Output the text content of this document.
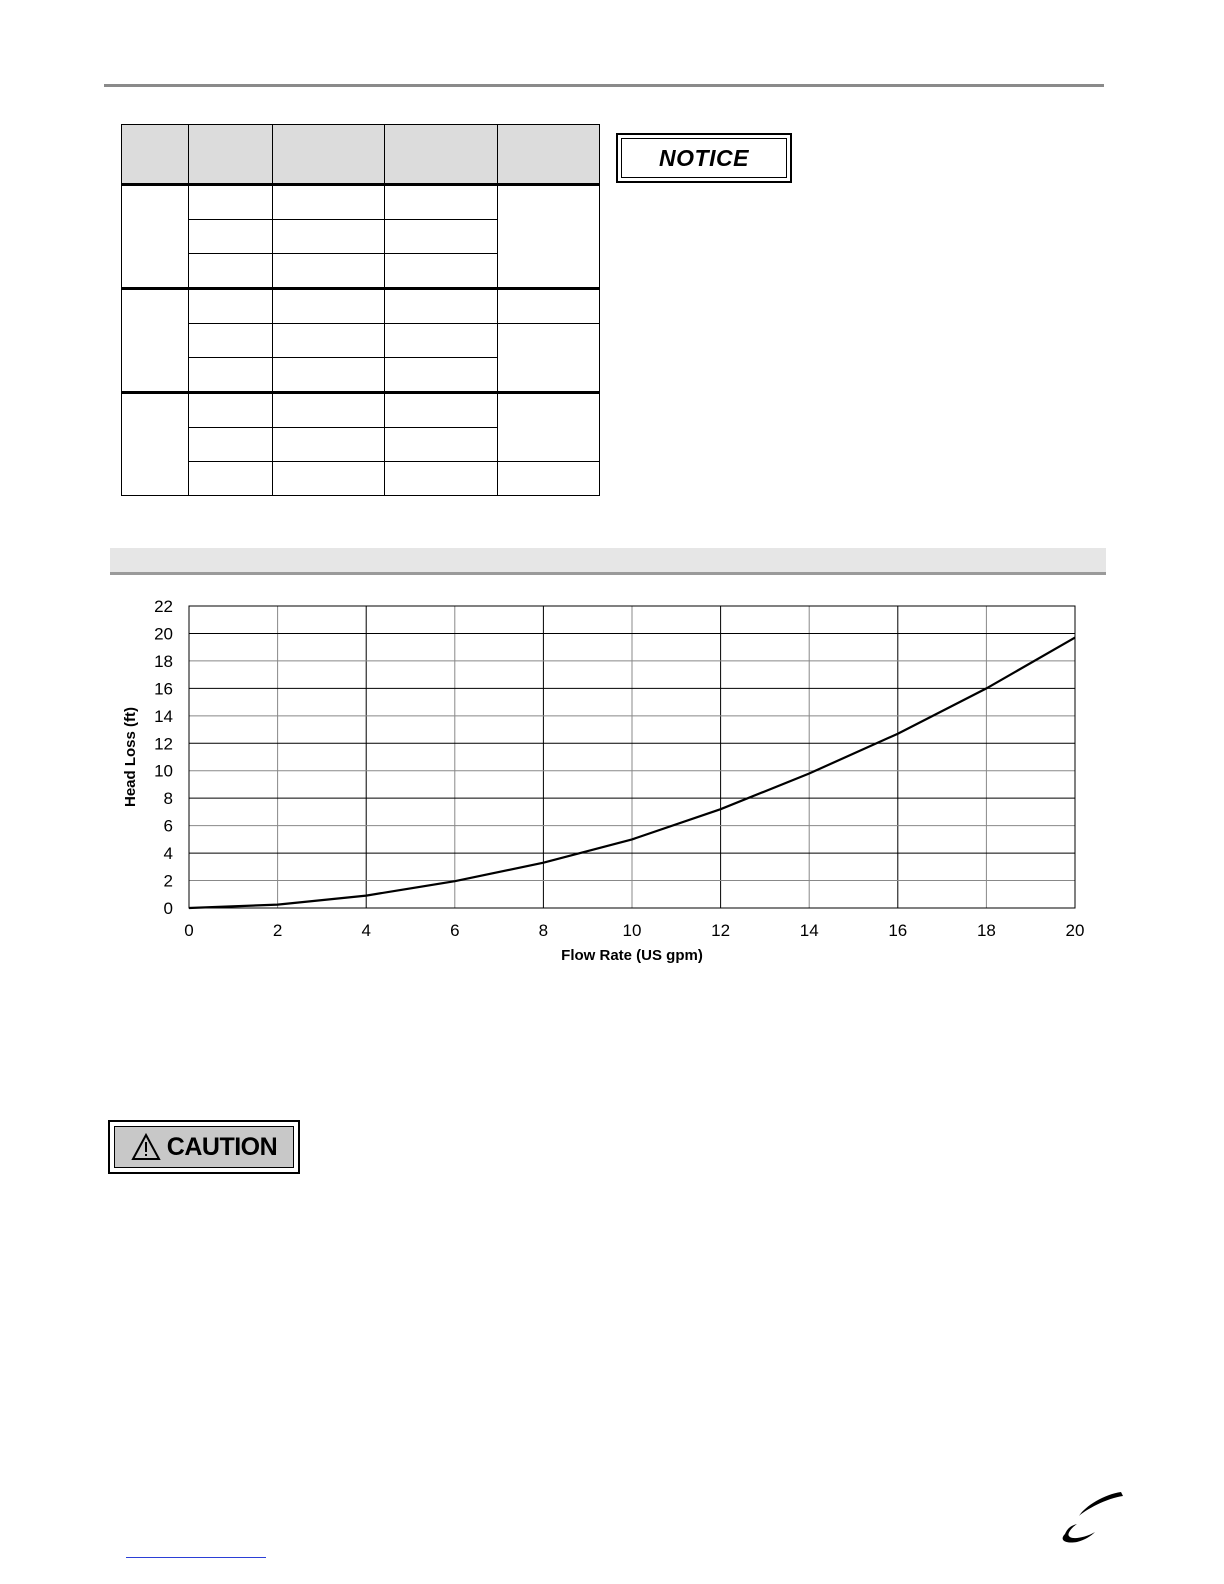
NOTICE
0	2	4	6	8	10	12	14	16	18	20
0
2
4
6
8
10
12
14
16
18
20
22
Flow Rate (US gpm)
Head Loss (ft)
CAUTION
